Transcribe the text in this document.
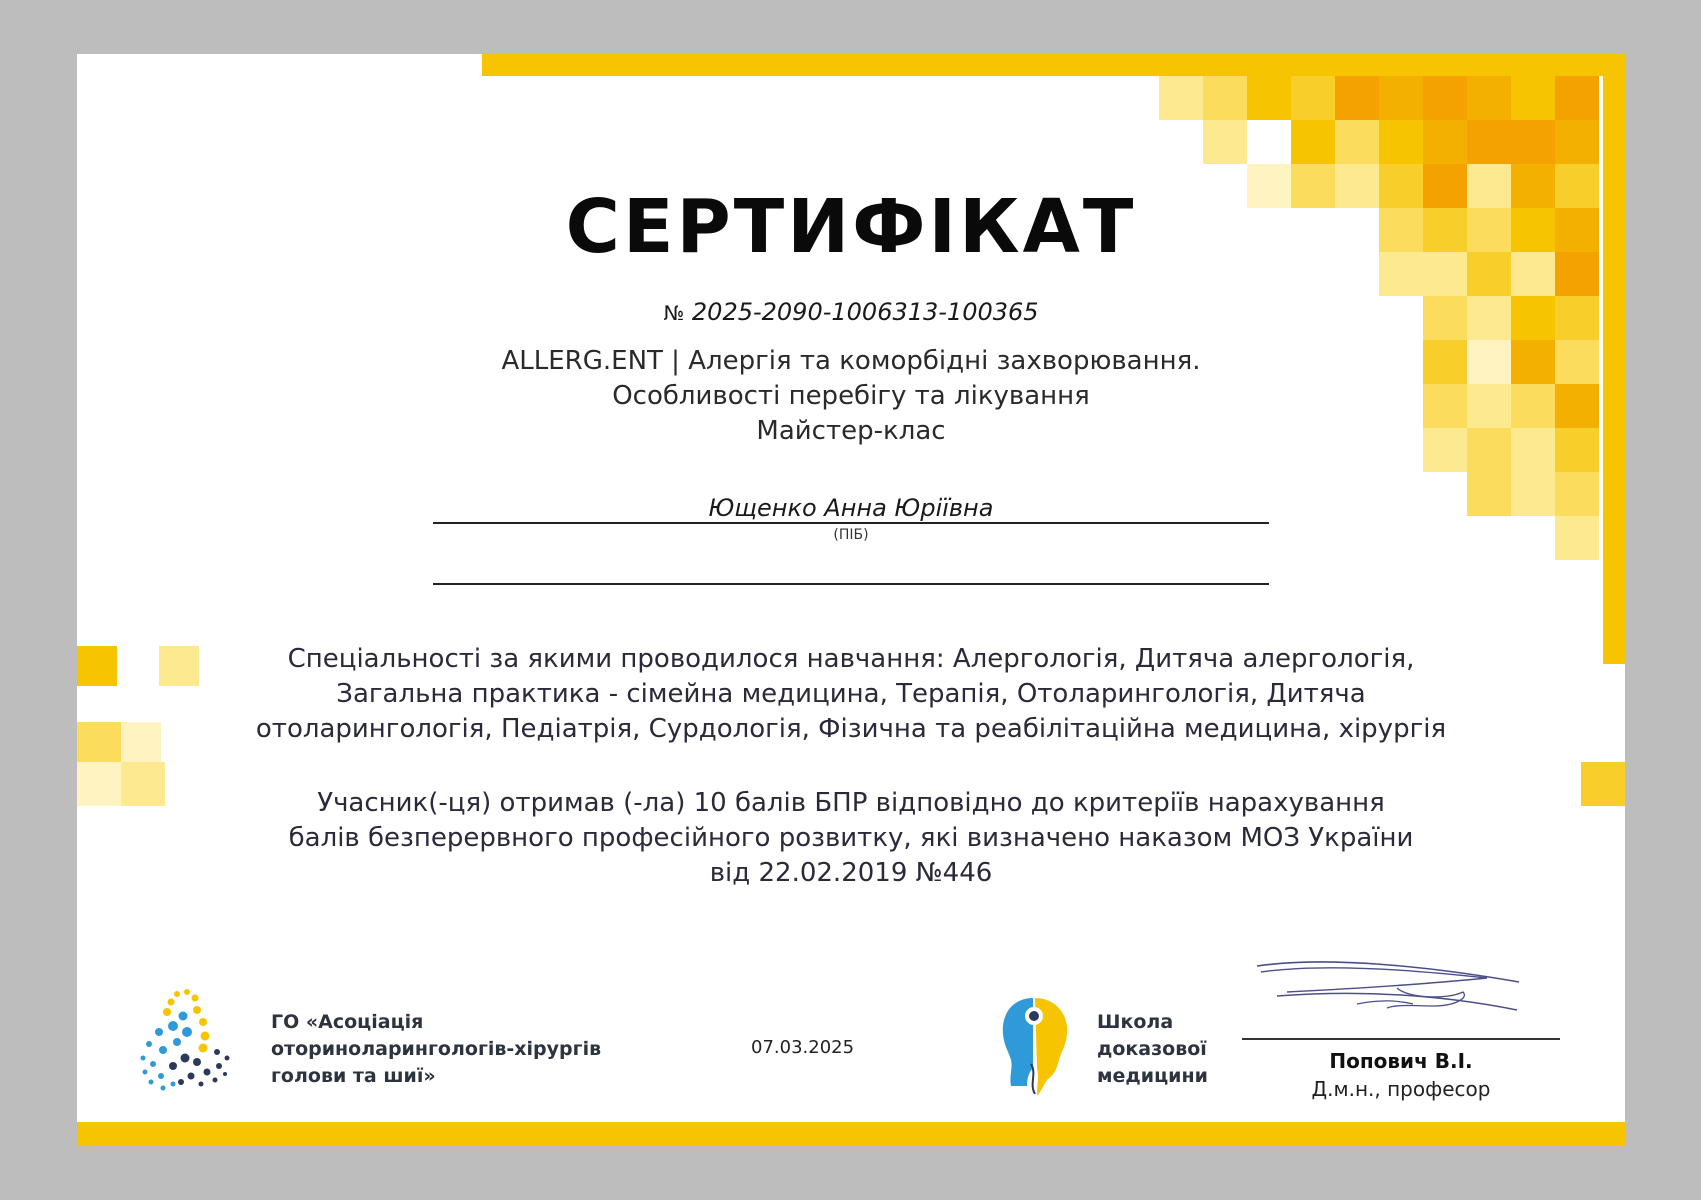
СЕРТИФІКАТ
№ 2025-2090-1006313-100365
ALLERG.ENT | Алергія та коморбідні захворювання.
Особливості перебігу та лікування
Майстер-клас
Ющенко Анна Юріївна
(ПІБ)
Спеціальності за якими проводилося навчання: Алергологія, Дитяча алергологія,
Загальна практика - сімейна медицина, Терапія, Отоларингологія, Дитяча
отоларингологія, Педіатрія, Сурдологія, Фізична та реабілітаційна медицина, хірургія
Учасник(-ця) отримав (-ла) 10 балів БПР відповідно до критеріїв нарахування
балів безперервного професійного розвитку, які визначено наказом МОЗ України
від 22.02.2019 №446
ГО «Асоціація
оториноларингологів-хірургів
голови та шиї»
07.03.2025
Школа
доказової
медицини
Попович В.І.
Д.м.н., професор
